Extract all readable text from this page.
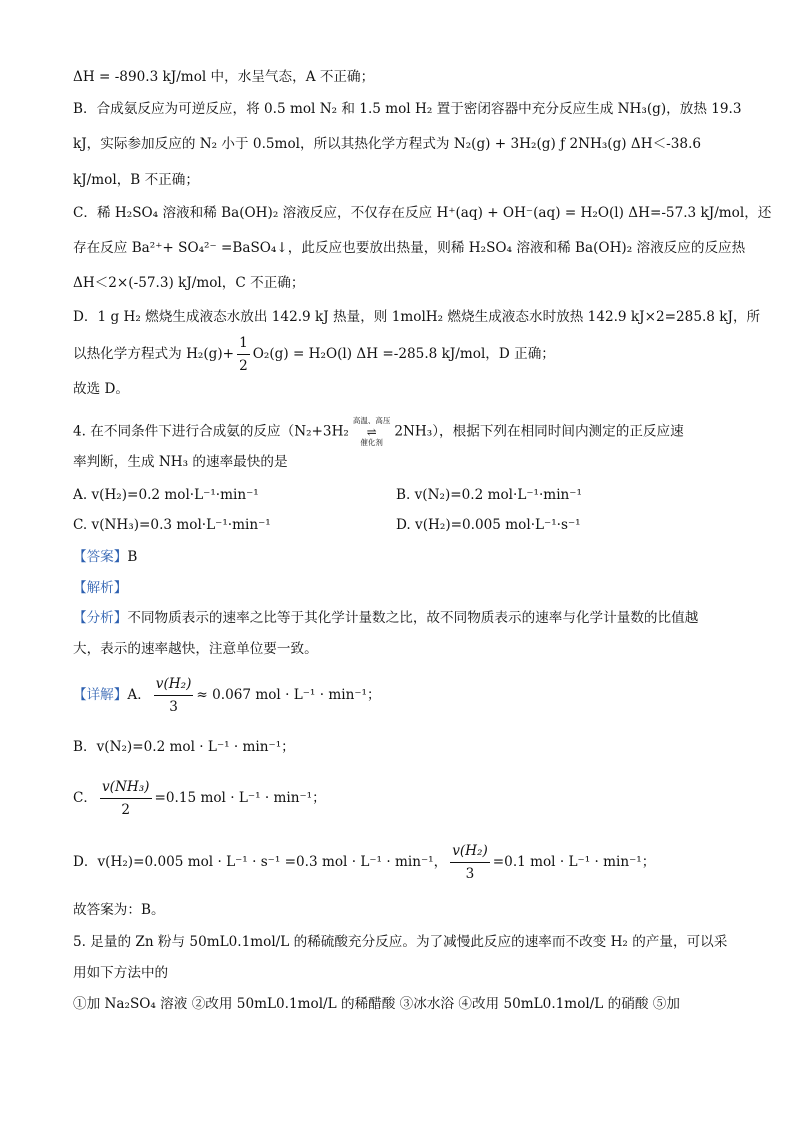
ΔH = -890.3 kJ/mol 中，水呈气态，A 不正确；
B．合成氨反应为可逆反应，将 0.5 mol N₂ 和 1.5 mol H₂ 置于密闭容器中充分反应生成 NH₃(g)，放热 19.3
kJ，实际参加反应的 N₂ 小于 0.5mol，所以其热化学方程式为 N₂(g) + 3H₂(g) ƒ 2NH₃(g) ΔH＜-38.6
kJ/mol，B 不正确；
C．稀 H₂SO₄ 溶液和稀 Ba(OH)₂ 溶液反应，不仅存在反应 H⁺(aq) + OH⁻(aq) = H₂O(l) ΔH=-57.3 kJ/mol，还
存在反应 Ba²⁺+ SO₄²⁻ =BaSO₄↓，此反应也要放出热量，则稀 H₂SO₄ 溶液和稀 Ba(OH)₂ 溶液反应的反应热
ΔH＜2×(-57.3) kJ/mol，C 不正确；
D．1 g H₂ 燃烧生成液态水放出 142.9 kJ 热量，则 1molH₂ 燃烧生成液态水时放热 142.9 kJ×2=285.8 kJ，所
以热化学方程式为 $H_2(g)+ \frac{1}{2} O_2(g) = H_2O(l)$ ΔH =-285.8 kJ/mol，D 正确；
故选 D。
4. 在不同条件下进行合成氨的反应（N₂+3H₂
高温、高压
⇌
催化剂
2NH₃），根据下列在相同时间内测定的正反应速
率判断，生成 NH₃ 的速率最快的是
A. v(H₂)=0.2 mol·L⁻¹·min⁻¹	B. v(N₂)=0.2 mol·L⁻¹·min⁻¹
C. v(NH₃)=0.3 mol·L⁻¹·min⁻¹	D. v(H₂)=0.005 mol·L⁻¹·s⁻¹
【答案】B
【解析】
【分析】不同物质表示的速率之比等于其化学计量数之比，故不同物质表示的速率与化学计量数的比值越
大，表示的速率越快，注意单位要一致。
【详解】A． $\frac{\text{v(H₂)}}{3} \approx 0.067$ mol · L⁻¹ · min⁻¹；
B．v(N₂)=0.2 mol · L⁻¹ · min⁻¹；
C． $\frac{\text{v(NH₃)}}{2} =0.15$ mol · L⁻¹ · min⁻¹；
D．v(H₂)=0.005 mol · L⁻¹ · s⁻¹ =0.3 mol · L⁻¹ · min⁻¹， $\frac{\text{v(H₂)}}{3} =0.1$ mol · L⁻¹ · min⁻¹；
故答案为：B。
5. 足量的 Zn 粉与 50mL0.1mol/L 的稀硫酸充分反应。为了减慢此反应的速率而不改变 H₂ 的产量，可以采
用如下方法中的
①加 Na₂SO₄ 溶液 ②改用 50mL0.1mol/L 的稀醋酸 ③冰水浴 ④改用 50mL0.1mol/L 的硝酸 ⑤加
